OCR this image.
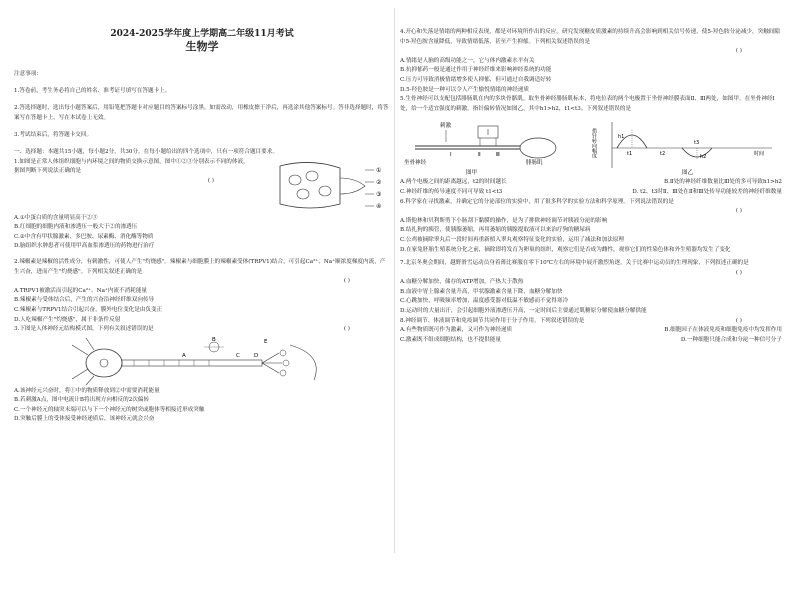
2024-2025学年度上学期高二年级11月考试
生物学

注意事项:

1.答卷前，考生务必将自己的姓名、准考证号填写在答题卡上。

2.答选择题时，选出每小题答案后，用铅笔把答题卡对应题目的答案标号涂黑。如需改动，用橡皮擦干净后，再选涂其他答案标号。答非选择题时，将答案写在答题卡上，写在本试卷上无效。

3.考试结束后，将答题卡交回。

一、选择题：本题共15小题，每小题2分，共30分。在每小题给出的四个选项中，只有一项符合题目要求。

1.如图是正常人体组织细胞与内环境之间的物质交换示意图，图中①②③分别表示不同的体液，据图判断下列说法正确的是

( )

①
②
③
④

A.①中蛋白质的含量明显高于②③

B.红细胞的细胞内液和渗透压一般大于②的渗透压

C.②中含有甲状腺激素、多巴胺、尿素酶、消化酶等物质

D.脑组织水肿患者可使用甲高血浆渗透压的药物进行治疗

2.辣椒素是辣椒的活性成分，有刺激性，可使人产生"灼烧感"。辣椒素与细胞膜上的辣椒素受体(TRPV1)结合，可引起Ca²⁺、Na⁺顺浓度梯度内流，产生兴奋，进而产生"灼烧感"。下列相关叙述正确的是

( )

A.TRPV1被激活而引起的Ca²⁺、Na⁺内流不消耗能量

B.辣椒素与受体结合后，产生的兴奋沿神经纤维双向传导

C.辣椒素与TRPV1结合引起兴奋，膜外电位变化是由负变正

D.人吃辣椒产生"灼烧感"，属于非条件反射

3.下图是人体神经元结构模式图，下列有关叙述错误的是	( )
A
B
C	D
E

A.该神经元兴奋时，将①中的物质释放到②中需要消耗能量

B.若刺激A点，图中电流计B将出现方向相反的2次偏转

C.一个神经元的轴突末端可以与下一个神经元的树突或胞体等相接近形成突触

D.突触后膜上的受体接受神经递质后，该神经元就会兴奋

4.开心和失落是情绪的两种相反表现，都是对环境所作出的反应。研究发现糖皮质激素的持续升高会影响到相关信号传递，使5-羟色胺分泌减少，突触间隙中5-羟色胺含量降低，导致情绪低落，甚至产生抑郁。下列相关叙述错误的是

( )

A.情绪是人脑的高级功能之一，它与体内激素水平有关

B.抗抑郁药一般是通过作用于神经纤维来影响神经系统的功能

C.压力可导致消极情绪增多使人抑郁，但可通过自我调适好转

D.5-羟色胺是一种可以令人产生愉悦情绪的神经递质

5.生骨神经可以支配包括腓肠肌在内的多块骨骼肌。取坐骨神经腓肠肌标本，将电位表的两个电极置于坐骨神经膜表面Ⅱ、Ⅲ两处，如图甲。在坐骨神经Ⅰ处，给一个适宜强度的刺激，指针偏转情况如图乙，其中h1>h2，t1<t3。下列叙述错误的是

刺激
Ⅰ	Ⅱ	Ⅲ
坐骨神经	腓肠肌
图甲
指针转向幅度	h1
h2
t1	t2
t3
时间
图乙
A.两个电极之间的距离越远，t2的时间越长	B.Ⅱ处的神经纤维数量比Ⅲ处的多可导致h1>h2
C.神经纤维的传导速度不同可导致 t1<t3	D. t2、t3时Ⅱ、Ⅲ处在Ⅱ和Ⅲ处传导功能较差的神经纤维数量

6.科学家在寻找激素，并确定它的分泌部位的实验中，用了很多科学的实验方法和科学原理。下列说法错误的是

( )

A.斯他林和贝利斯剪下小肠刮下黏膜的操作，是为了排除神经调节对胰液分泌的影响

B.结扎狗的胰管，使胰腺萎缩，再用萎缩的胰腺提取液可以来治疗狗的糖尿病

C.公鸡被摘除睾丸后一段时间再重新植入睾丸观察特征变化的实验，运用了减法和加法原理

D.在家兔胚胎生殖系统分化之前，摘除即将发育为卵巢的组织，观察它们是否成为雌性，观察它们的性染色体和外生殖器均发生了变化

7.北京冬奥会期间，越野滑雪运动员身着薄比赛服在零下10℃左右的环境中展开激烈角逐，关于比赛中运动员的生理现象，下列叙述正确的是

( )

A.血糖分解加快，储存的ATP增加，产热大于散热

B.血液中胃上腺素含量升高，甲状腺激素含量下降，血糖分解加快

C.心跳加快，呼吸频率增加，温度感受器对低温不敏感而不觉得寒冷

D.运动时的大量出汗，会引起细胞外液渗透压升高，一定时间后主要通过肌糖原分解使血糖分解供能

8.神经调节、体液调节和免疫调节共同作用于分子作用。下列叙述错误的是	( )
A.有些物质既可作为激素，又可作为神经递质	B.细胞因子在体液免疫和细胞免疫中均发挥作用
C.激素既不组成细胞结构，也不提供能量	D.一种细胞只能合成和分泌一种信号分子
